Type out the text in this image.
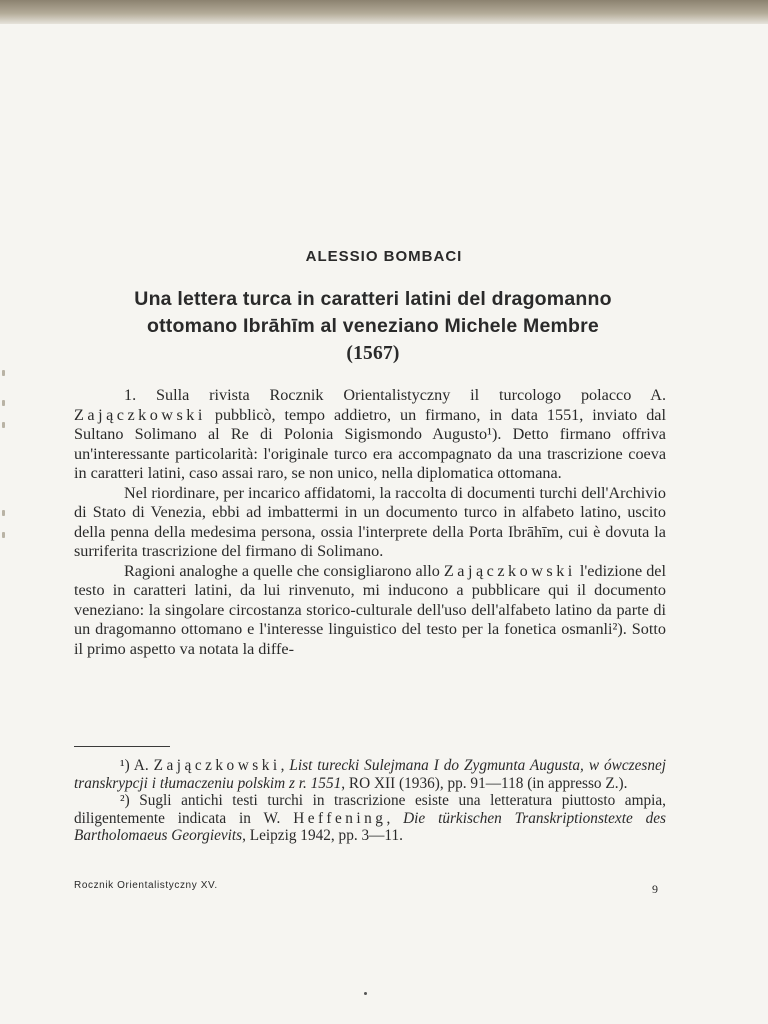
ALESSIO BOMBACI
Una lettera turca in caratteri latini del dragomanno
ottomano Ibrāhīm al veneziano Michele Membre
(1567)

1. Sulla rivista Rocznik Orientalistyczny il turcologo polacco A. Zajączkowski pubblicò, tempo addietro, un firmano, in data 1551, inviato dal Sultano Solimano al Re di Polonia Sigismondo Augusto¹). Detto firmano offriva un'interessante particolarità: l'originale turco era accompagnato da una trascrizione coeva in caratteri latini, caso assai raro, se non unico, nella diplomatica ottomana.

Nel riordinare, per incarico affidatomi, la raccolta di documenti turchi dell'Archivio di Stato di Venezia, ebbi ad imbattermi in un documento turco in alfabeto latino, uscito della penna della medesima persona, ossia l'interprete della Porta Ibrāhīm, cui è dovuta la surriferita trascrizione del firmano di Solimano.

Ragioni analoghe a quelle che consigliarono allo Zajączkowski l'edizione del testo in caratteri latini, da lui rinvenuto, mi inducono a pubblicare qui il documento veneziano: la singolare circostanza storico-culturale dell'uso dell'alfabeto latino da parte di un dragomanno ottomano e l'interesse linguistico del testo per la fonetica osmanli²). Sotto il primo aspetto va notata la diffe-

¹) A. Zajączkowski, List turecki Sulejmana I do Zygmunta Augusta, w ówczesnej transkrypcji i tłumaczeniu polskim z r. 1551, RO XII (1936), pp. 91—118 (in appresso Z.).

²) Sugli antichi testi turchi in trascrizione esiste una letteratura piuttosto ampia, diligentemente indicata in W. Heffening, Die türkischen Transkriptionstexte des Bartholomaeus Georgievits, Leipzig 1942, pp. 3—11.

Rocznik Orientalistyczny XV.	9
